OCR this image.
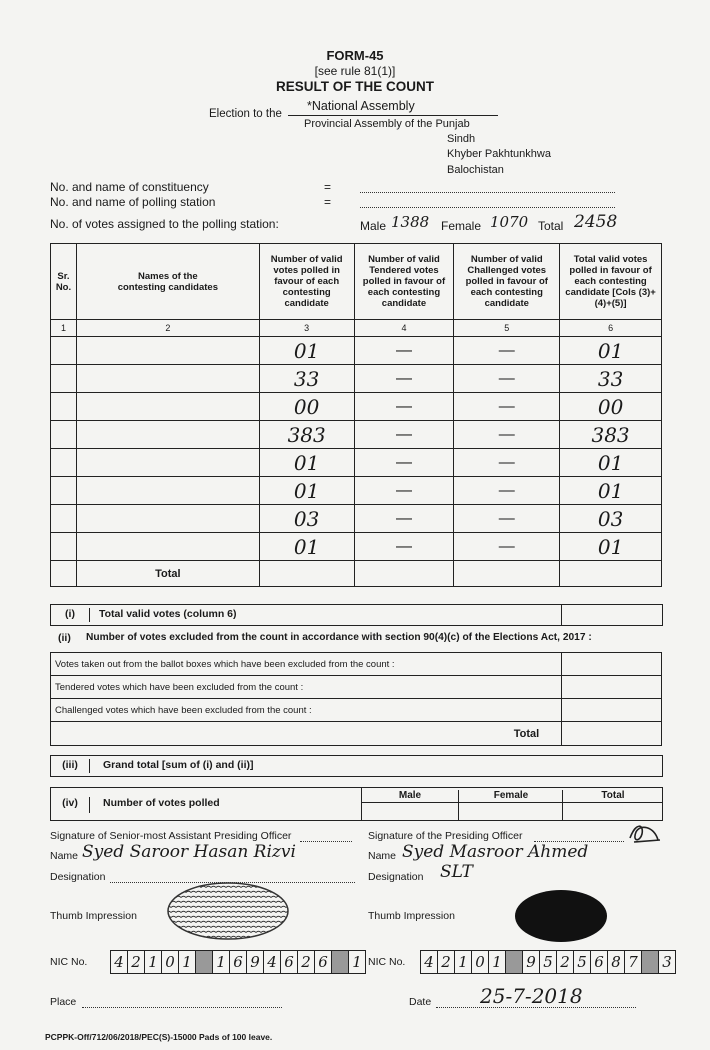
FORM-45
[see rule 81(1)]
RESULT OF THE COUNT
Election to the
*National Assembly
Provincial Assembly of the Punjab
Sindh
Khyber Pakhtunkhwa
Balochistan
No. and name of constituency	=
No. and name of polling station	=
No. of votes assigned to the polling station:	Male 1388 Female 1070 Total 2458
Sr. No.	Names of the contesting candidates	Number of valid votes polled in favour of each contesting candidate	Number of valid Tendered votes polled in favour of each contesting candidate	Number of valid Challenged votes polled in favour of each contesting candidate	Total valid votes polled in favour of each contesting candidate [Cols (3)+(4)+(5)]
1	2	3	4	5	6
		01	—	—	01
		33	—	—	33
		00	—	—	00
		383	—	—	383
		01	—	—	01
		01	—	—	01
		03	—	—	03
		01	—	—	01
	Total				
(i)	Total valid votes (column 6)
(ii) Number of votes excluded from the count in accordance with section 90(4)(c) of the Elections Act, 2017 :
Votes taken out from the ballot boxes which have been excluded from the count :	
Tendered votes which have been excluded from the count :	
Challenged votes which have been excluded from the count :	
Total	
(iii)	Grand total [sum of (i) and (ii)]
(iv)	Number of votes polled
Male	Female	Total
Signature of Senior-most Assistant Presiding Officer	Signature of the Presiding Officer
Name Syed Saroor Hasan Rizvi	Name Syed Masroor Ahmed
Designation	Designation SLT
Thumb Impression	Thumb Impression
NIC No. 4 2 1 0 1 1 6 9 4 6 2 6 1 NIC No. 4 2 1 0 1 9 5 2 5 6 8 7 3
Place	Date 25-7-2018
PCPPK-Off/712/06/2018/PEC(S)-15000 Pads of 100 leave.
